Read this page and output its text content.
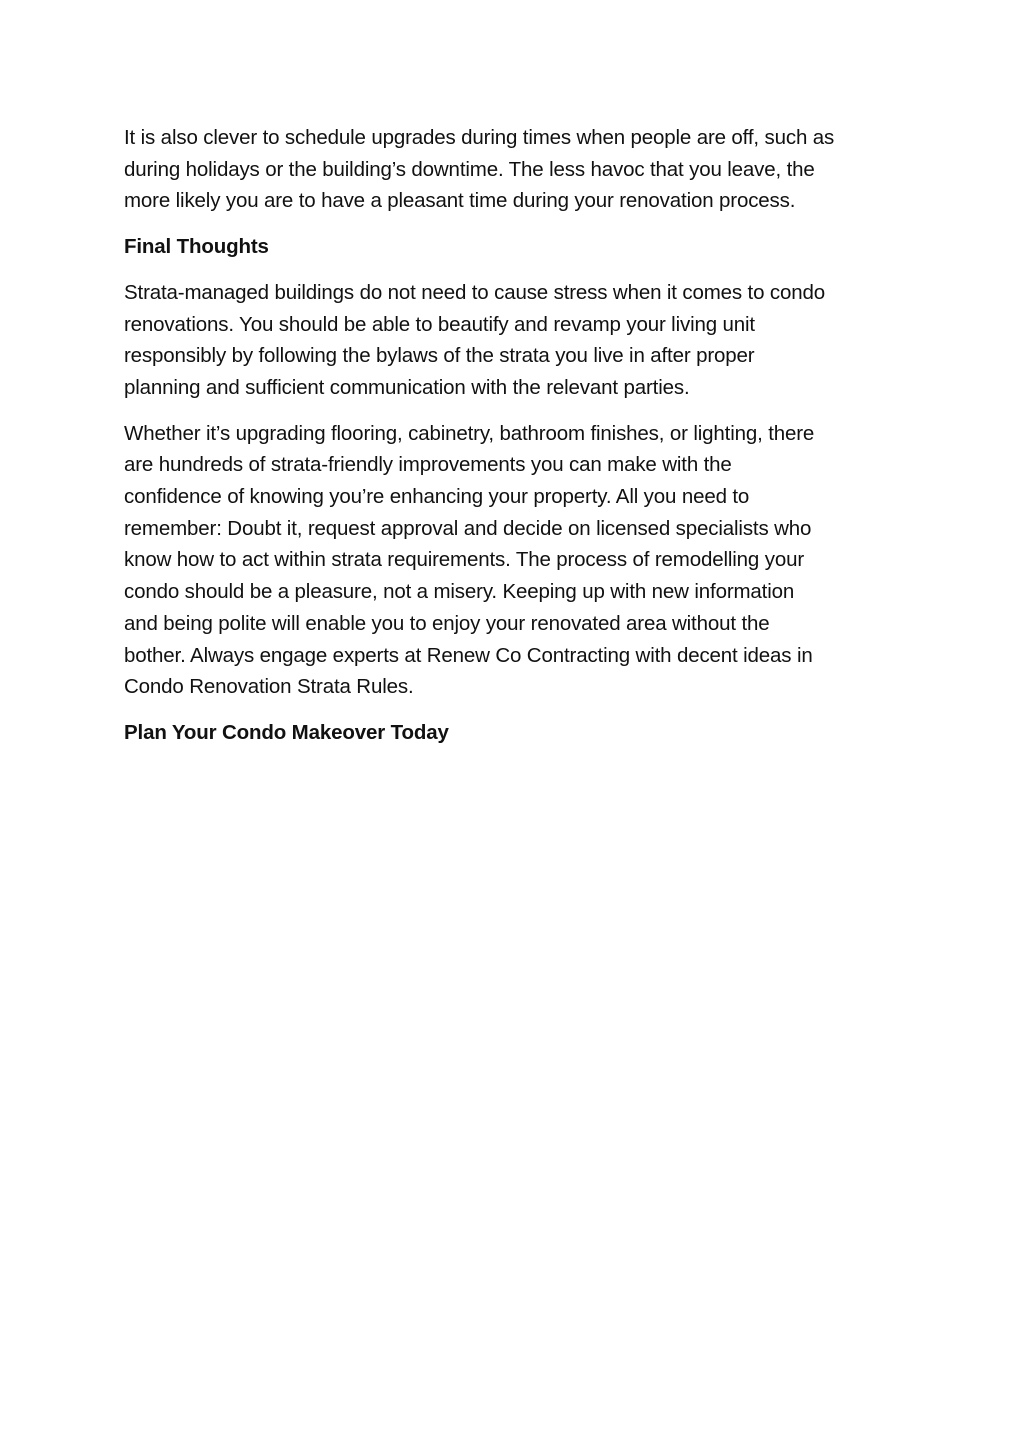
It is also clever to schedule upgrades during times when people are off, such as
during holidays or the building’s downtime. The less havoc that you leave, the
more likely you are to have a pleasant time during your renovation process.

Final Thoughts

Strata-managed buildings do not need to cause stress when it comes to condo
renovations. You should be able to beautify and revamp your living unit
responsibly by following the bylaws of the strata you live in after proper
planning and sufficient communication with the relevant parties.

Whether it’s upgrading flooring, cabinetry, bathroom finishes, or lighting, there
are hundreds of strata-friendly improvements you can make with the
confidence of knowing you’re enhancing your property. All you need to
remember: Doubt it, request approval and decide on licensed specialists who
know how to act within strata requirements. The process of remodelling your
condo should be a pleasure, not a misery. Keeping up with new information
and being polite will enable you to enjoy your renovated area without the
bother. Always engage experts at Renew Co Contracting with decent ideas in
Condo Renovation Strata Rules.

Plan Your Condo Makeover Today
